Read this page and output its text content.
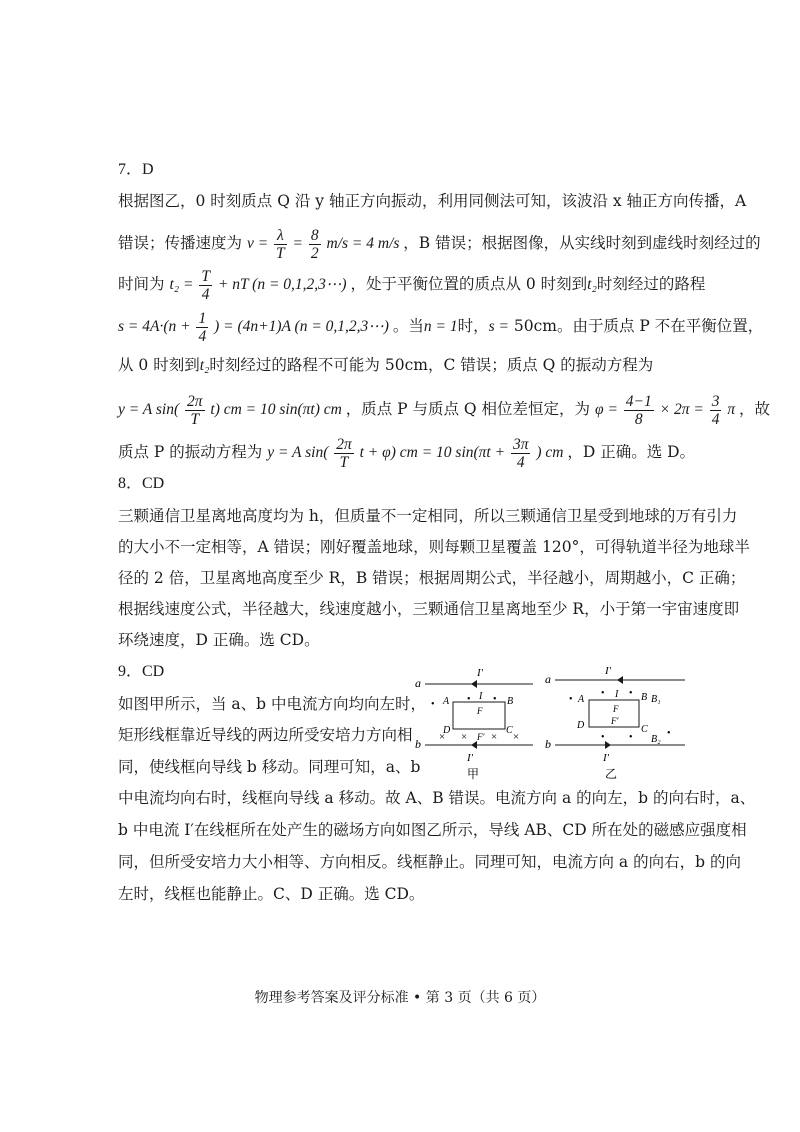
7．D
根据图乙，0 时刻质点 Q 沿 y 轴正方向振动，利用同侧法可知，该波沿 x 轴正方向传播，A
错误；传播速度为 $v = \frac{\lambda}{T} = \frac{8}{2} m/s = 4$ m/s ，B 错误；根据图像，从实线时刻到虚线时刻经过的
时间为 $t_2 = \frac{T}{4}$ + nT (n = 0,1,2,3⋯) ，处于平衡位置的质点从 0 时刻到t₂时刻经过的路程
$s = 4A\cdot(n + \frac{1}{4}$ ) = (4n+1)A (n = 0,1,2,3⋯) 。当n = 1时，s = 50cm。由于质点 P 不在平衡位置，
从 0 时刻到t₂时刻经过的路程不可能为 50cm，C 错误；质点 Q 的振动方程为
y = A $\sin( \frac{2\pi}{T} t)$ cm = 10 sin(πt) cm ，质点 P 与质点 Q 相位差恒定，为 $\varphi = \frac{4-1}{8} \times 2\pi = \frac{3}{4}$ π ，故
质点 P 的振动方程为 y = A $\sin( \frac{2\pi}{T}$ t + φ) cm = 10 $\sin(\pi t + \frac{3\pi}{4}$ ) cm ，D 正确。选 D。
8．CD
三颗通信卫星离地高度均为 h，但质量不一定相同，所以三颗通信卫星受到地球的万有引力
的大小不一定相等，A 错误；刚好覆盖地球，则每颗卫星覆盖 120°，可得轨道半径为地球半
径的 2 倍，卫星离地高度至少 R，B 错误；根据周期公式，半径越小，周期越小，C 正确；
根据线速度公式，半径越大，线速度越小，三颗通信卫星离地至少 R，小于第一宇宙速度即
环绕速度，D 正确。选 CD。
9．CD
如图甲所示，当 a、b 中电流方向均向左时，
矩形线框靠近导线的两边所受安培力方向相
同，使线框向导线 b 移动。同理可知，a、b
中电流均向右时，线框向导线 a 移动。故 A、B 错误。电流方向 a 的向左，b 的向右时，a、
b 中电流 I′在线框所在处产生的磁场方向如图乙所示，导线 AB、CD 所在处的磁感应强度相
同，但所受安培力大小相等、方向相反。线框静止。同理可知，电流方向 a 的向右，b 的向
左时，线框也能静止。C、D 正确。选 CD。
a
I′
A	B
C
D
I
F
F′
•	• •
× × × ×
b
I′
甲
a
I′
A	B B₁
C
B₂
D
I
F
F′
•
• •
• •	•
b
I′
乙
物理参考答案及评分标准 • 第 3 页（共 6 页）
